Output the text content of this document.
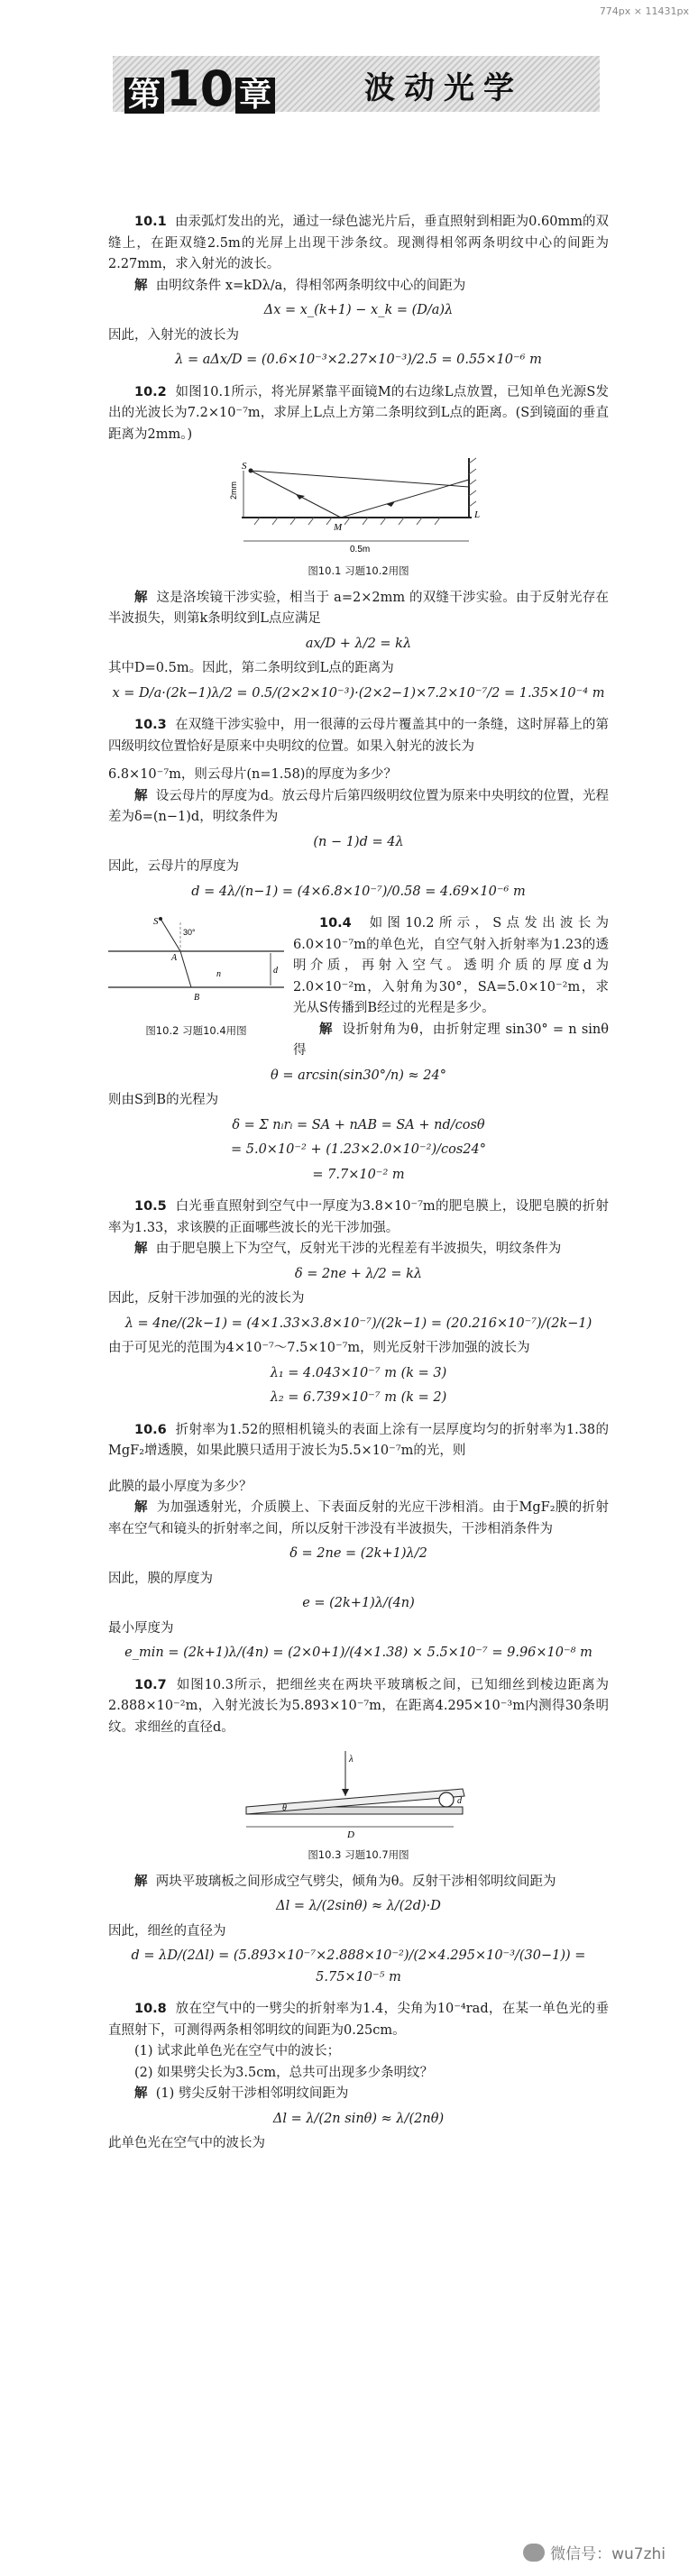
774px × 11431px
第 10 章	波动光学

10.1 由汞弧灯发出的光，通过一绿色滤光片后，垂直照射到相距为0.60mm的双缝上，在距双缝2.5m的光屏上出现干涉条纹。现测得相邻两条明纹中心的间距为2.27mm，求入射光的波长。

解 由明纹条件 x=kDλ/a，得相邻两条明纹中心的间距为

Δx = x_(k+1) − x_k = (D/a)λ

因此，入射光的波长为

λ = aΔx/D = (0.6×10⁻³×2.27×10⁻³)/2.5 = 0.55×10⁻⁶ m

10.2 如图10.1所示，将光屏紧靠平面镜M的右边缘L点放置，已知单色光源S发出的光波长为7.2×10⁻⁷m，求屏上L点上方第二条明纹到L点的距离。(S到镜面的垂直距离为2mm。)

S
2mm
M
L
0.5m
图10.1 习题10.2用图

解 这是洛埃镜干涉实验，相当于 a=2×2mm 的双缝干涉实验。由于反射光存在半波损失，则第k条明纹到L点应满足

ax/D + λ/2 = kλ

其中D=0.5m。因此，第二条明纹到L点的距离为

x = D/a·(2k−1)λ/2 = 0.5/(2×2×10⁻³)·(2×2−1)×7.2×10⁻⁷/2 = 1.35×10⁻⁴ m

10.3 在双缝干涉实验中，用一很薄的云母片覆盖其中的一条缝，这时屏幕上的第四级明纹位置恰好是原来中央明纹的位置。如果入射光的波长为

6.8×10⁻⁷m，则云母片(n=1.58)的厚度为多少？

解 设云母片的厚度为d。放云母片后第四级明纹位置为原来中央明纹的位置，光程差为δ=(n−1)d，明纹条件为

(n − 1)d = 4λ

因此，云母片的厚度为

d = 4λ/(n−1) = (4×6.8×10⁻⁷)/0.58 = 4.69×10⁻⁶ m
S
30°
A
B
d
n
图10.2 习题10.4用图

10.4 如图10.2所示，S点发出波长为6.0×10⁻⁷m的单色光，自空气射入折射率为1.23的透明介质，再射入空气。透明介质的厚度d为2.0×10⁻²m，入射角为30°，SA=5.0×10⁻²m，求光从S传播到B经过的光程是多少。

解 设折射角为θ，由折射定理 sin30° = n sinθ 得

θ = arcsin(sin30°/n) ≈ 24°

则由S到B的光程为

δ = Σ nᵢrᵢ = SA + nAB = SA + nd/cosθ
= 5.0×10⁻² + (1.23×2.0×10⁻²)/cos24°
= 7.7×10⁻² m

10.5 白光垂直照射到空气中一厚度为3.8×10⁻⁷m的肥皂膜上，设肥皂膜的折射率为1.33，求该膜的正面哪些波长的光干涉加强。

解 由于肥皂膜上下为空气，反射光干涉的光程差有半波损失，明纹条件为

δ = 2ne + λ/2 = kλ

因此，反射干涉加强的光的波长为

λ = 4ne/(2k−1) = (4×1.33×3.8×10⁻⁷)/(2k−1) = (20.216×10⁻⁷)/(2k−1)

由于可见光的范围为4×10⁻⁷～7.5×10⁻⁷m，则光反射干涉加强的波长为

λ₁ = 4.043×10⁻⁷ m (k = 3)
λ₂ = 6.739×10⁻⁷ m (k = 2)

10.6 折射率为1.52的照相机镜头的表面上涂有一层厚度均匀的折射率为1.38的MgF₂增透膜，如果此膜只适用于波长为5.5×10⁻⁷m的光，则

此膜的最小厚度为多少？

解 为加强透射光，介质膜上、下表面反射的光应干涉相消。由于MgF₂膜的折射率在空气和镜头的折射率之间，所以反射干涉没有半波损失，干涉相消条件为

δ = 2ne = (2k+1)λ/2

因此，膜的厚度为

e = (2k+1)λ/(4n)

最小厚度为

e_min = (2k+1)λ/(4n) = (2×0+1)/(4×1.38) × 5.5×10⁻⁷ = 9.96×10⁻⁸ m

10.7 如图10.3所示，把细丝夹在两块平玻璃板之间，已知细丝到棱边距离为2.888×10⁻²m，入射光波长为5.893×10⁻⁷m，在距离4.295×10⁻³m内测得30条明纹。求细丝的直径d。

λ
θ
d
D
图10.3 习题10.7用图

解 两块平玻璃板之间形成空气劈尖，倾角为θ。反射干涉相邻明纹间距为

Δl = λ/(2sinθ) ≈ λ/(2d)·D

因此，细丝的直径为

d = λD/(2Δl) = (5.893×10⁻⁷×2.888×10⁻²)/(2×4.295×10⁻³/(30−1)) = 5.75×10⁻⁵ m

10.8 放在空气中的一劈尖的折射率为1.4，尖角为10⁻⁴rad，在某一单色光的垂直照射下，可测得两条相邻明纹的间距为0.25cm。

(1) 试求此单色光在空气中的波长；

(2) 如果劈尖长为3.5cm，总共可出现多少条明纹？

解 (1) 劈尖反射干涉相邻明纹间距为

Δl = λ/(2n sinθ) ≈ λ/(2nθ)

此单色光在空气中的波长为

微信号：wu7zhi
